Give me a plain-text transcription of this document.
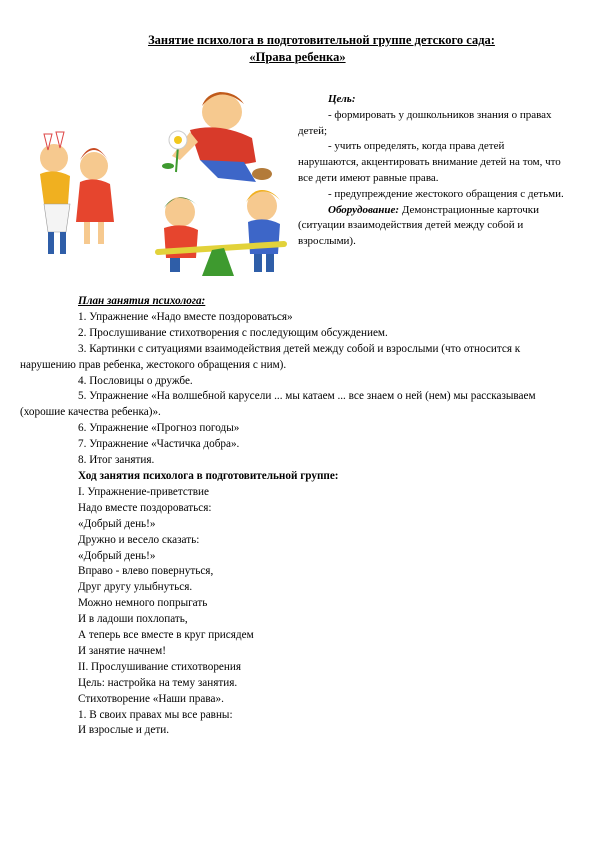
Занятие психолога в подготовительной группе детского сада:
«Права ребенка»

Цель:

- формировать у дошкольников знания о правах детей;

- учить определять, когда права детей нарушаются, акцентировать внимание детей на том, что все дети имеют равные права.

- предупреждение жестокого обращения с детьми.

Оборудование: Демонстрационные карточки (ситуации взаимодействия детей между собой и взрослыми).

План занятия психолога:

1. Упражнение «Надо вместе поздороваться»

2. Прослушивание стихотворения с последующим обсуждением.

3. Картинки с ситуациями взаимодействия детей между собой и взрослыми (что относится к нарушению прав ребенка, жестокого обращения с ним).

4. Пословицы о дружбе.

5. Упражнение «На волшебной карусели ... мы катаем ... все знаем о ней (нем) мы рассказываем (хорошие качества ребенка)».

6. Упражнение «Прогноз погоды»

7. Упражнение «Частичка добра».

8. Итог занятия.

Ход занятия психолога в подготовительной группе:

I. Упражнение-приветствие

Надо вместе поздороваться:

«Добрый день!»

Дружно и весело сказать:

«Добрый день!»

Вправо - влево повернуться,

Друг другу улыбнуться.

Можно немного попрыгать

И в ладоши похлопать,

А теперь все вместе в круг присядем

И занятие начнем!

II. Прослушивание стихотворения

Цель: настройка на тему занятия.

Стихотворение «Наши права».

1. В своих правах мы все равны:

И взрослые и дети.
